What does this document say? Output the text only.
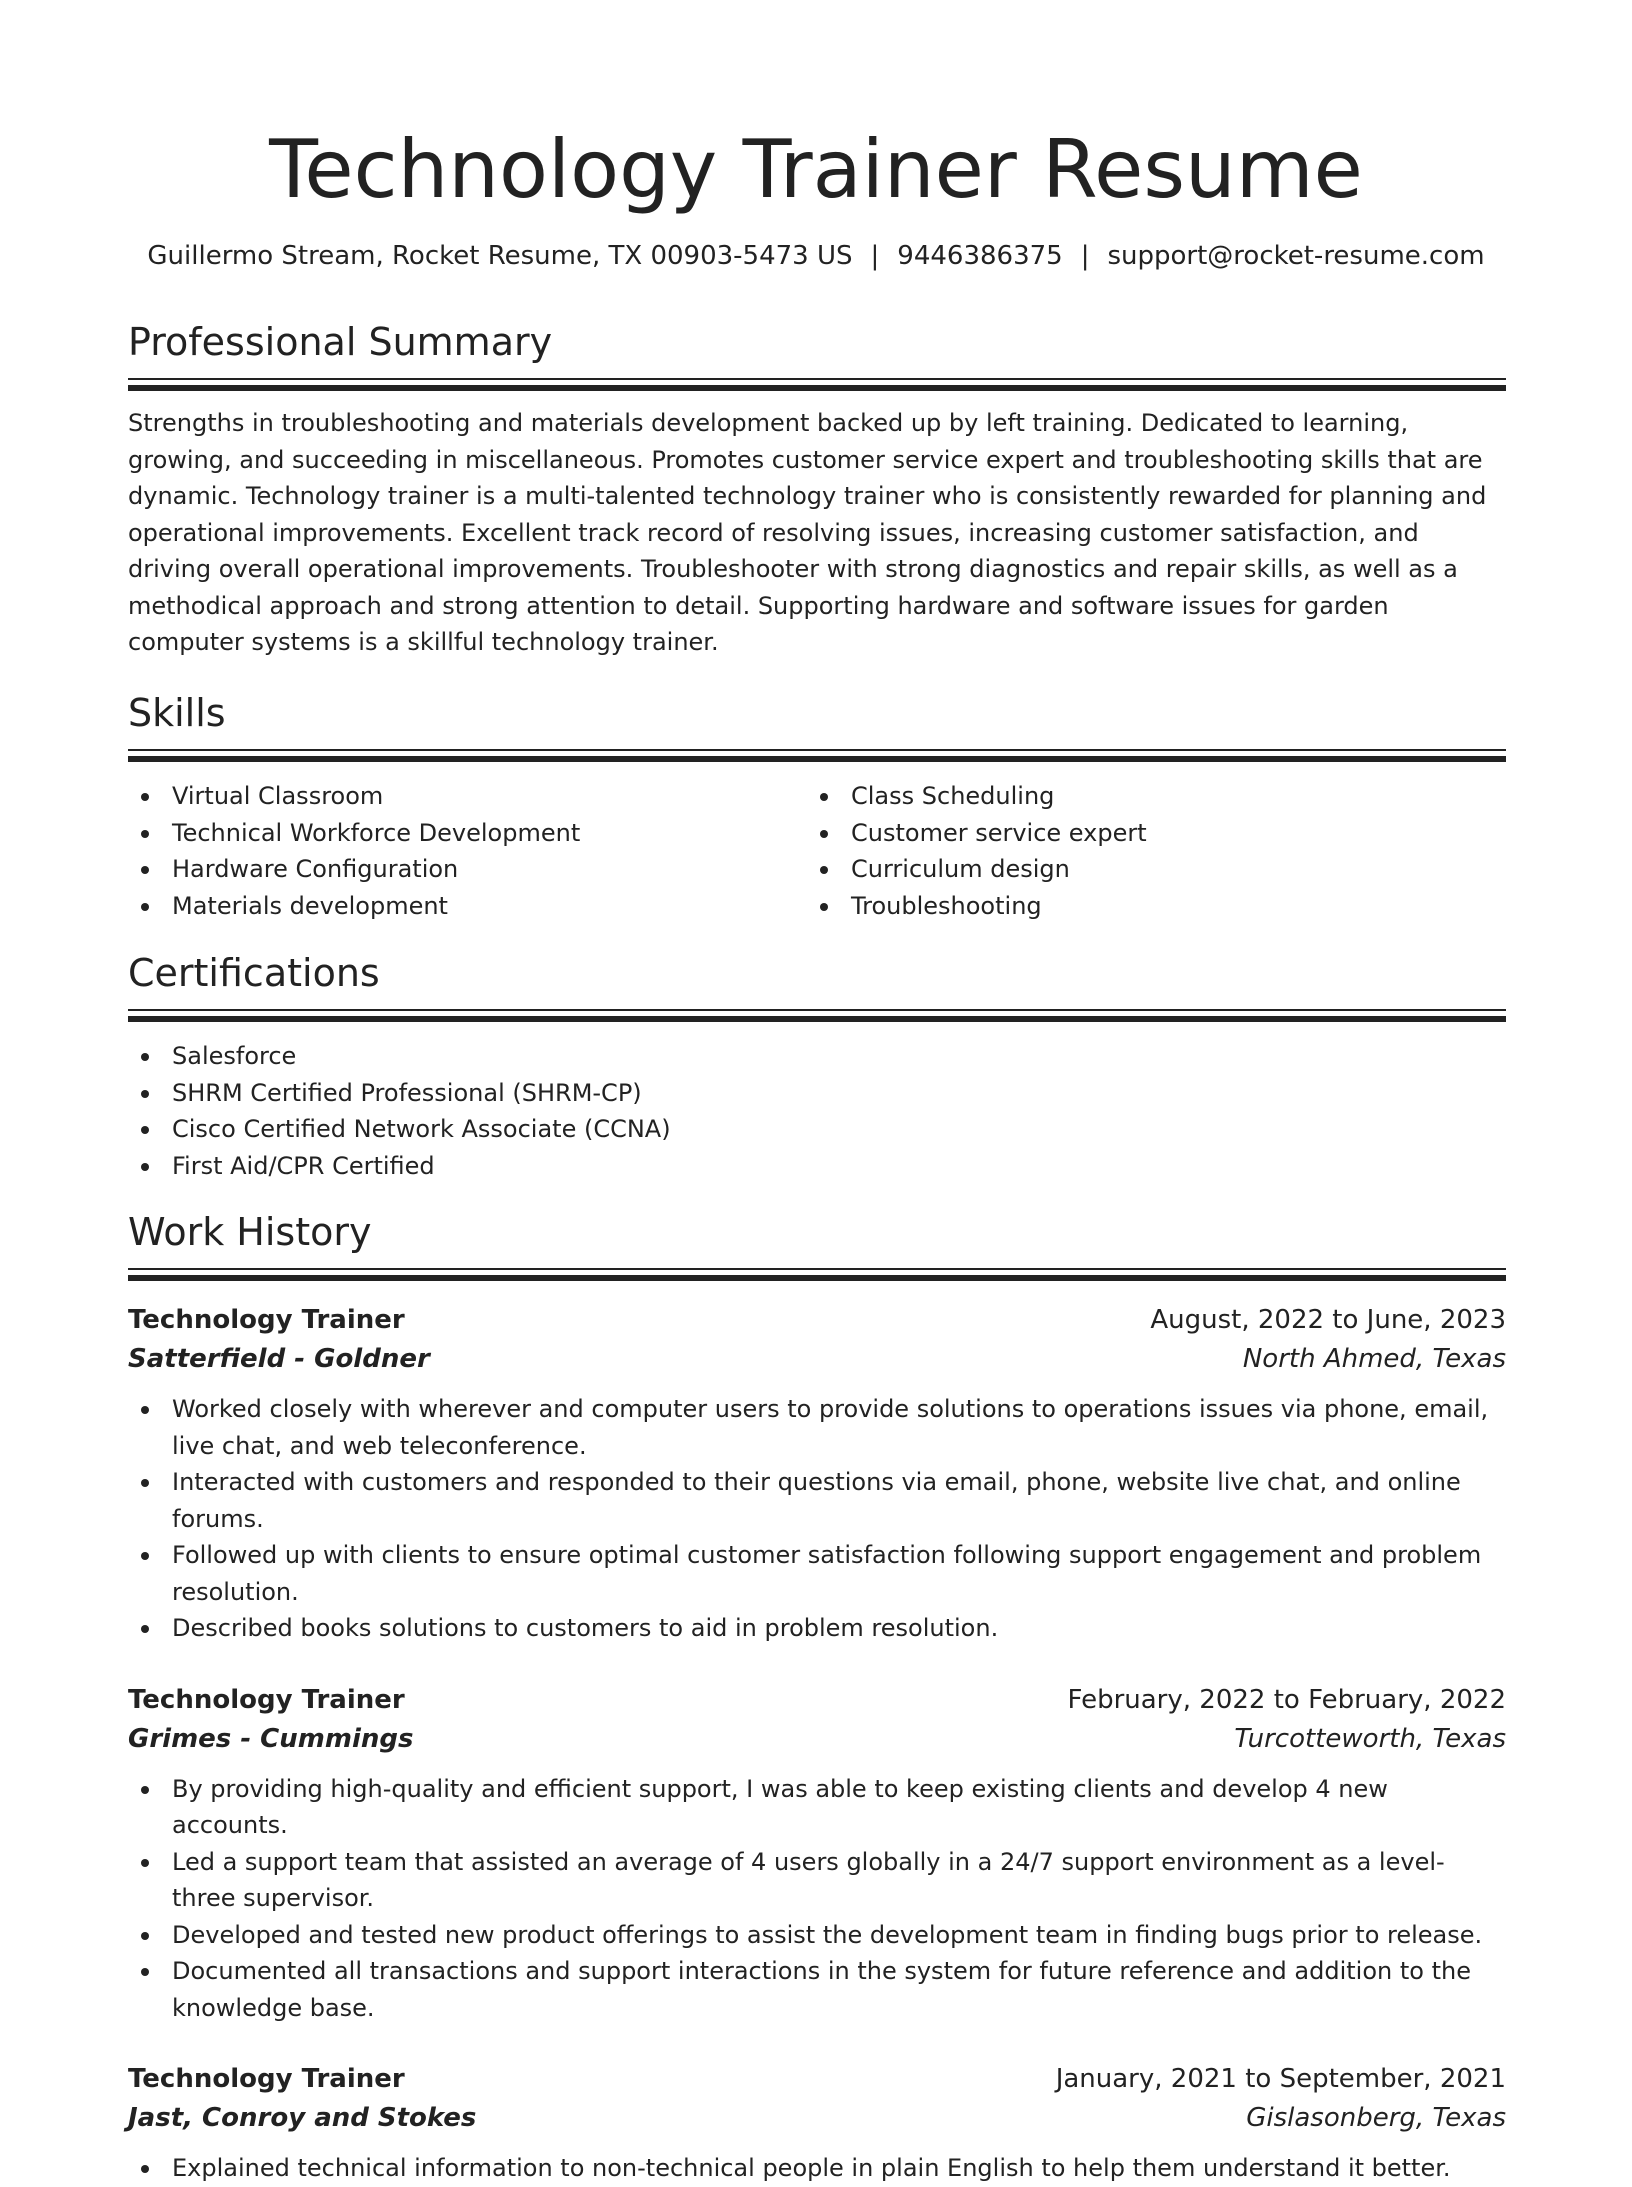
Technology Trainer Resume
Guillermo Stream, Rocket Resume, TX 00903-5473 US | 9446386375 | support@rocket-resume.com
Professional Summary

Strengths in troubleshooting and materials development backed up by left training. Dedicated to learning, growing, and succeeding in miscellaneous. Promotes customer service expert and troubleshooting skills that are dynamic. Technology trainer is a multi-talented technology trainer who is consistently rewarded for planning and operational improvements. Excellent track record of resolving issues, increasing customer satisfaction, and driving overall operational improvements. Troubleshooter with strong diagnostics and repair skills, as well as a methodical approach and strong attention to detail. Supporting hardware and software issues for garden computer systems is a skillful technology trainer.

Skills
Virtual Classroom
Technical Workforce Development
Hardware Configuration
Materials development
Class Scheduling
Customer service expert
Curriculum design
Troubleshooting
Certifications
Salesforce
SHRM Certified Professional (SHRM-CP)
Cisco Certified Network Associate (CCNA)
First Aid/CPR Certified
Work History
Technology Trainer	August, 2022 to June, 2023
Satterfield - Goldner	North Ahmed, Texas
Worked closely with wherever and computer users to provide solutions to operations issues via phone, email, live chat, and web teleconference.
Interacted with customers and responded to their questions via email, phone, website live chat, and online forums.
Followed up with clients to ensure optimal customer satisfaction following support engagement and problem resolution.
Described books solutions to customers to aid in problem resolution.
Technology Trainer	February, 2022 to February, 2022
Grimes - Cummings	Turcotteworth, Texas
By providing high-quality and efficient support, I was able to keep existing clients and develop 4 new accounts.
Led a support team that assisted an average of 4 users globally in a 24/7 support environment as a level-three supervisor.
Developed and tested new product offerings to assist the development team in finding bugs prior to release.
Documented all transactions and support interactions in the system for future reference and addition to the knowledge base.
Technology Trainer	January, 2021 to September, 2021
Jast, Conroy and Stokes	Gislasonberg, Texas
Explained technical information to non-technical people in plain English to help them understand it better.
